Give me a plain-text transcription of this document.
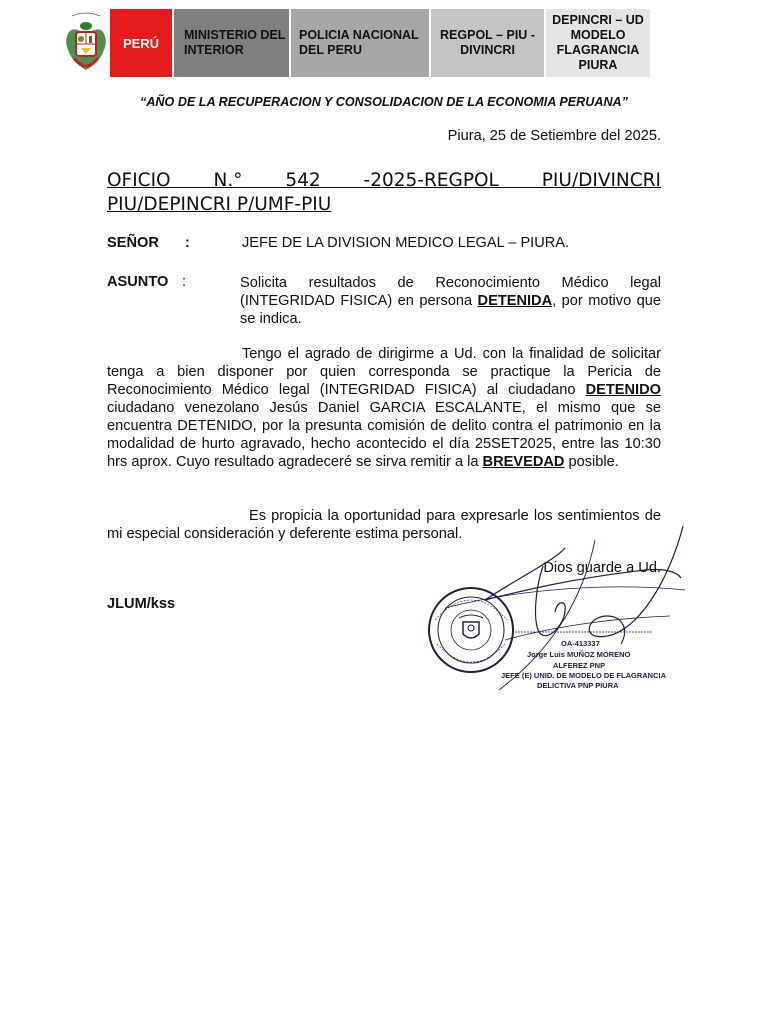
PERÚ
MINISTERIO DEL INTERIOR
POLICIA NACIONAL DEL PERU
REGPOL – PIU - DIVINCRI
DEPINCRI – UD MODELO FLAGRANCIA PIURA
“AÑO DE LA RECUPERACION Y CONSOLIDACION DE LA ECONOMIA PERUANA”
Piura, 25 de Setiembre del 2025.
OFICIO N.° 542 -2025-REGPOL PIU/DIVINCRI
PIU/DEPINCRI P/UMF-PIU
SEÑOR :	JEFE DE LA DIVISION MEDICO LEGAL – PIURA.
ASUNTO :	Solicita resultados de Reconocimiento Médico legal (INTEGRIDAD FISICA) en persona DETENIDA, por motivo que se indica.
Tengo el agrado de dirigirme a Ud. con la finalidad de solicitar tenga a bien disponer por quien corresponda se practique la Pericia de Reconocimiento Médico legal (INTEGRIDAD FISICA) al ciudadano DETENIDO ciudadano venezolano Jesús Daniel GARCIA ESCALANTE, el mismo que se encuentra DETENIDO, por la presunta comisión de delito contra el patrimonio en la modalidad de hurto agravado, hecho acontecido el día 25SET2025, entre las 10:30 hrs aprox. Cuyo resultado agradeceré se sirva remitir a la BREVEDAD posible.
Es propicia la oportunidad para expresarle los sentimientos de mi especial consideración y deferente estima personal.
Dios guarde a Ud.
JLUM/kss
OA-413337
Jorge Luis MUÑOZ MORENO
ALFEREZ PNP
JEFE (E) UNID. DE MODELO DE FLAGRANCIA
DELICTIVA PNP PIURA
